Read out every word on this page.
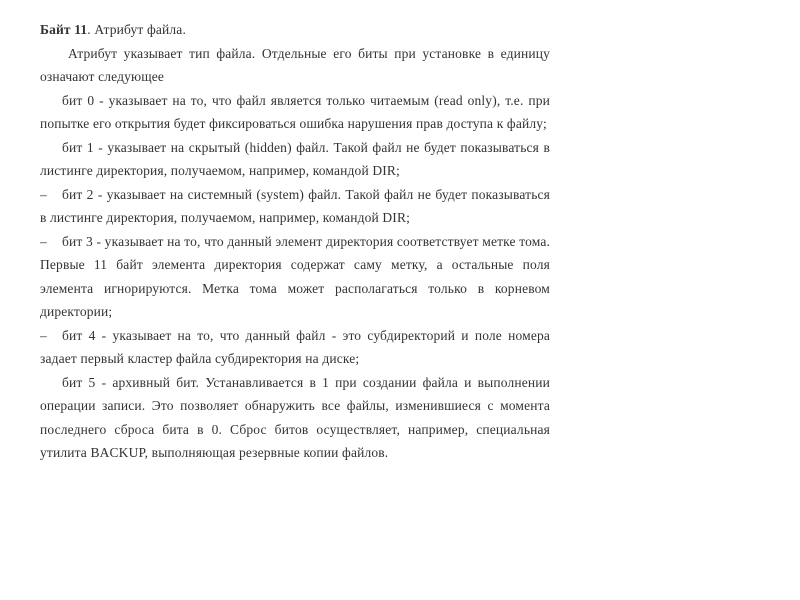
Байт 11. Атрибут файла.

Атрибут указывает тип файла. Отдельные его биты при установке в единицу означают следующее

бит 0 - указывает на то, что файл является только читаемым (read only), т.е. при попытке его открытия будет фиксироваться ошибка нарушения прав доступа к файлу;

бит 1 - указывает на скрытый (hidden) файл. Такой файл не будет показываться в листинге директория, получаемом, например, командой DIR;

– бит 2 - указывает на системный (system) файл. Такой файл не будет показываться в листинге директория, получаемом, например, командой DIR;

– бит 3 - указывает на то, что данный элемент директория соответствует метке тома. Первые 11 байт элемента директория содержат саму метку, а остальные поля элемента игнорируются. Метка тома может располагаться только в корневом директории;

– бит 4 - указывает на то, что данный файл - это субдиректорий и поле номера задает первый кластер файла субдиректория на диске;

бит 5 - архивный бит. Устанавливается в 1 при создании файла и выполнении операции записи. Это позволяет обнаружить все файлы, изменившиеся с момента последнего сброса бита в 0. Сброс битов осуществляет, например, специальная утилита BACKUP, выполняющая резервные копии файлов.
